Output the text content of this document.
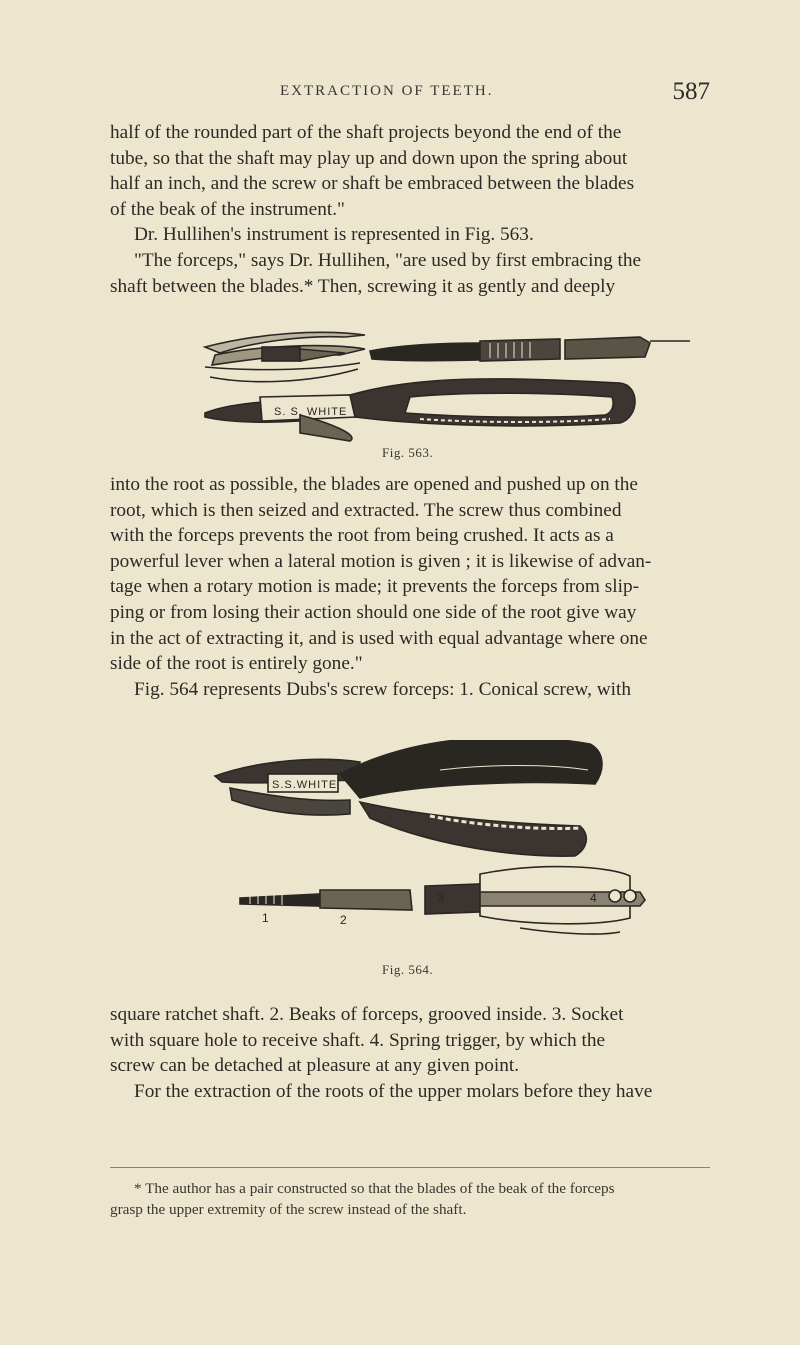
EXTRACTION OF TEETH.	587
half of the rounded part of the shaft projects beyond the end of the
tube, so that the shaft may play up and down upon the spring about
half an inch, and the screw or shaft be embraced between the blades
of the beak of the instrument."
Dr. Hullihen's instrument is represented in Fig. 563.
"The forceps," says Dr. Hullihen, "are used by first embracing the
shaft between the blades.* Then, screwing it as gently and deeply
S. S. WHITE
Fig. 563.
into the root as possible, the blades are opened and pushed up on the
root, which is then seized and extracted. The screw thus combined
with the forceps prevents the root from being crushed. It acts as a
powerful lever when a lateral motion is given ; it is likewise of advan-
tage when a rotary motion is made; it prevents the forceps from slip-
ping or from losing their action should one side of the root give way
in the act of extracting it, and is used with equal advantage where one
side of the root is entirely gone."
Fig. 564 represents Dubs's screw forceps: 1. Conical screw, with
S.S.WHITE
1	2
3	4
Fig. 564.
square ratchet shaft. 2. Beaks of forceps, grooved inside. 3. Socket
with square hole to receive shaft. 4. Spring trigger, by which the
screw can be detached at pleasure at any given point.
For the extraction of the roots of the upper molars before they have
* The author has a pair constructed so that the blades of the beak of the forceps
grasp the upper extremity of the screw instead of the shaft.
